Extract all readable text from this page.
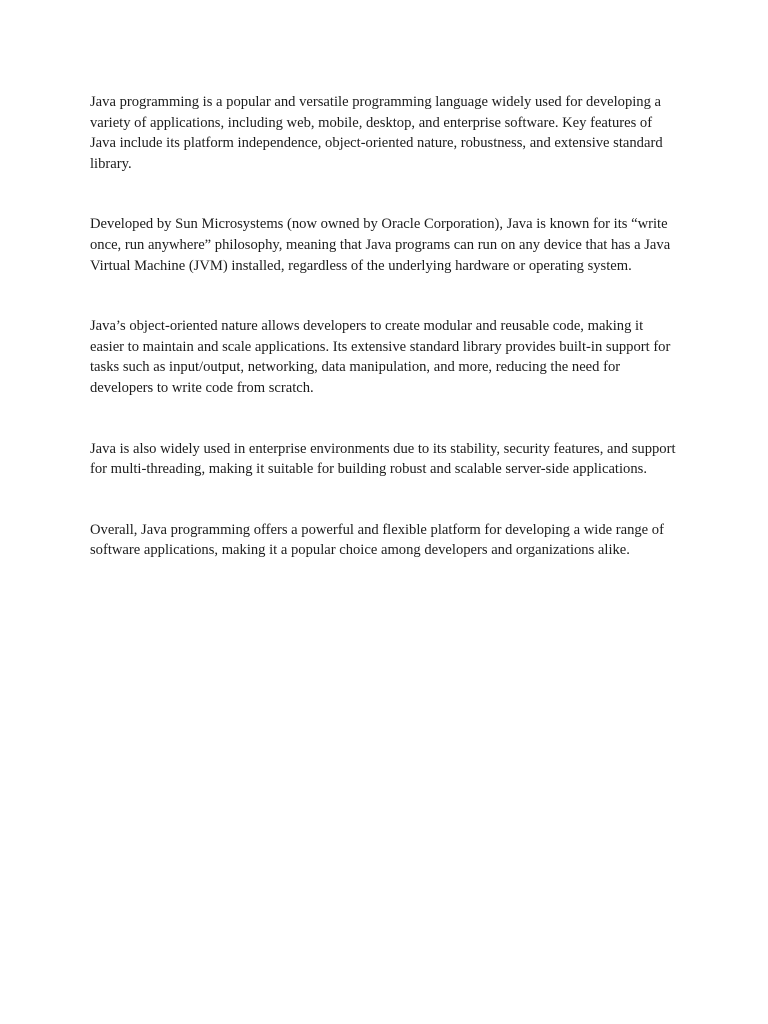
Java programming is a popular and versatile programming language widely used for developing a variety of applications, including web, mobile, desktop, and enterprise software. Key features of Java include its platform independence, object-oriented nature, robustness, and extensive standard library.

Developed by Sun Microsystems (now owned by Oracle Corporation), Java is known for its “write once, run anywhere” philosophy, meaning that Java programs can run on any device that has a Java Virtual Machine (JVM) installed, regardless of the underlying hardware or operating system.

Java’s object-oriented nature allows developers to create modular and reusable code, making it easier to maintain and scale applications. Its extensive standard library provides built-in support for tasks such as input/output, networking, data manipulation, and more, reducing the need for developers to write code from scratch.

Java is also widely used in enterprise environments due to its stability, security features, and support for multi-threading, making it suitable for building robust and scalable server-side applications.

Overall, Java programming offers a powerful and flexible platform for developing a wide range of software applications, making it a popular choice among developers and organizations alike.
